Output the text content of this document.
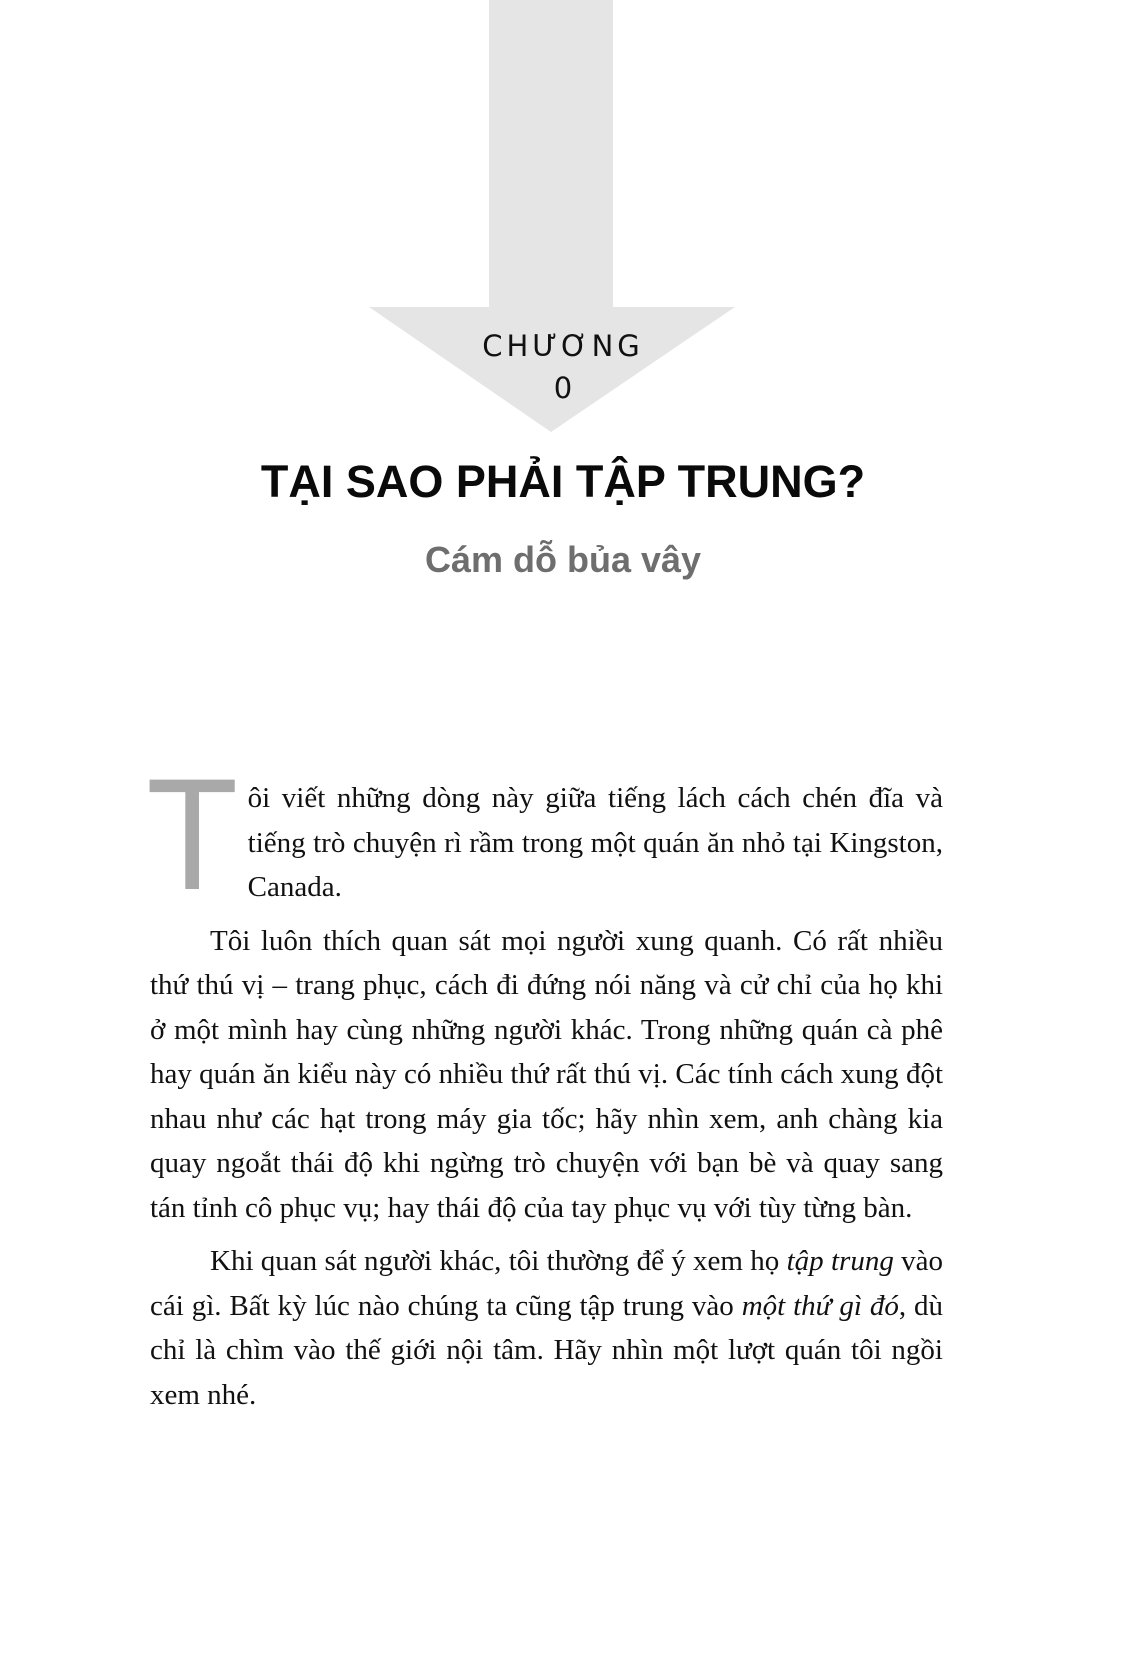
CHƯƠNG
0
TẠI SAO PHẢI TẬP TRUNG?
Cám dỗ bủa vây

Tôi viết những dòng này giữa tiếng lách cách chén đĩa và tiếng trò chuyện rì rầm trong một quán ăn nhỏ tại Kingston, Canada.

Tôi luôn thích quan sát mọi người xung quanh. Có rất nhiều thứ thú vị – trang phục, cách đi đứng nói năng và cử chỉ của họ khi ở một mình hay cùng những người khác. Trong những quán cà phê hay quán ăn kiểu này có nhiều thứ rất thú vị. Các tính cách xung đột nhau như các hạt trong máy gia tốc; hãy nhìn xem, anh chàng kia quay ngoắt thái độ khi ngừng trò chuyện với bạn bè và quay sang tán tỉnh cô phục vụ; hay thái độ của tay phục vụ với tùy từng bàn.

Khi quan sát người khác, tôi thường để ý xem họ tập trung vào cái gì. Bất kỳ lúc nào chúng ta cũng tập trung vào một thứ gì đó, dù chỉ là chìm vào thế giới nội tâm. Hãy nhìn một lượt quán tôi ngồi xem nhé.
